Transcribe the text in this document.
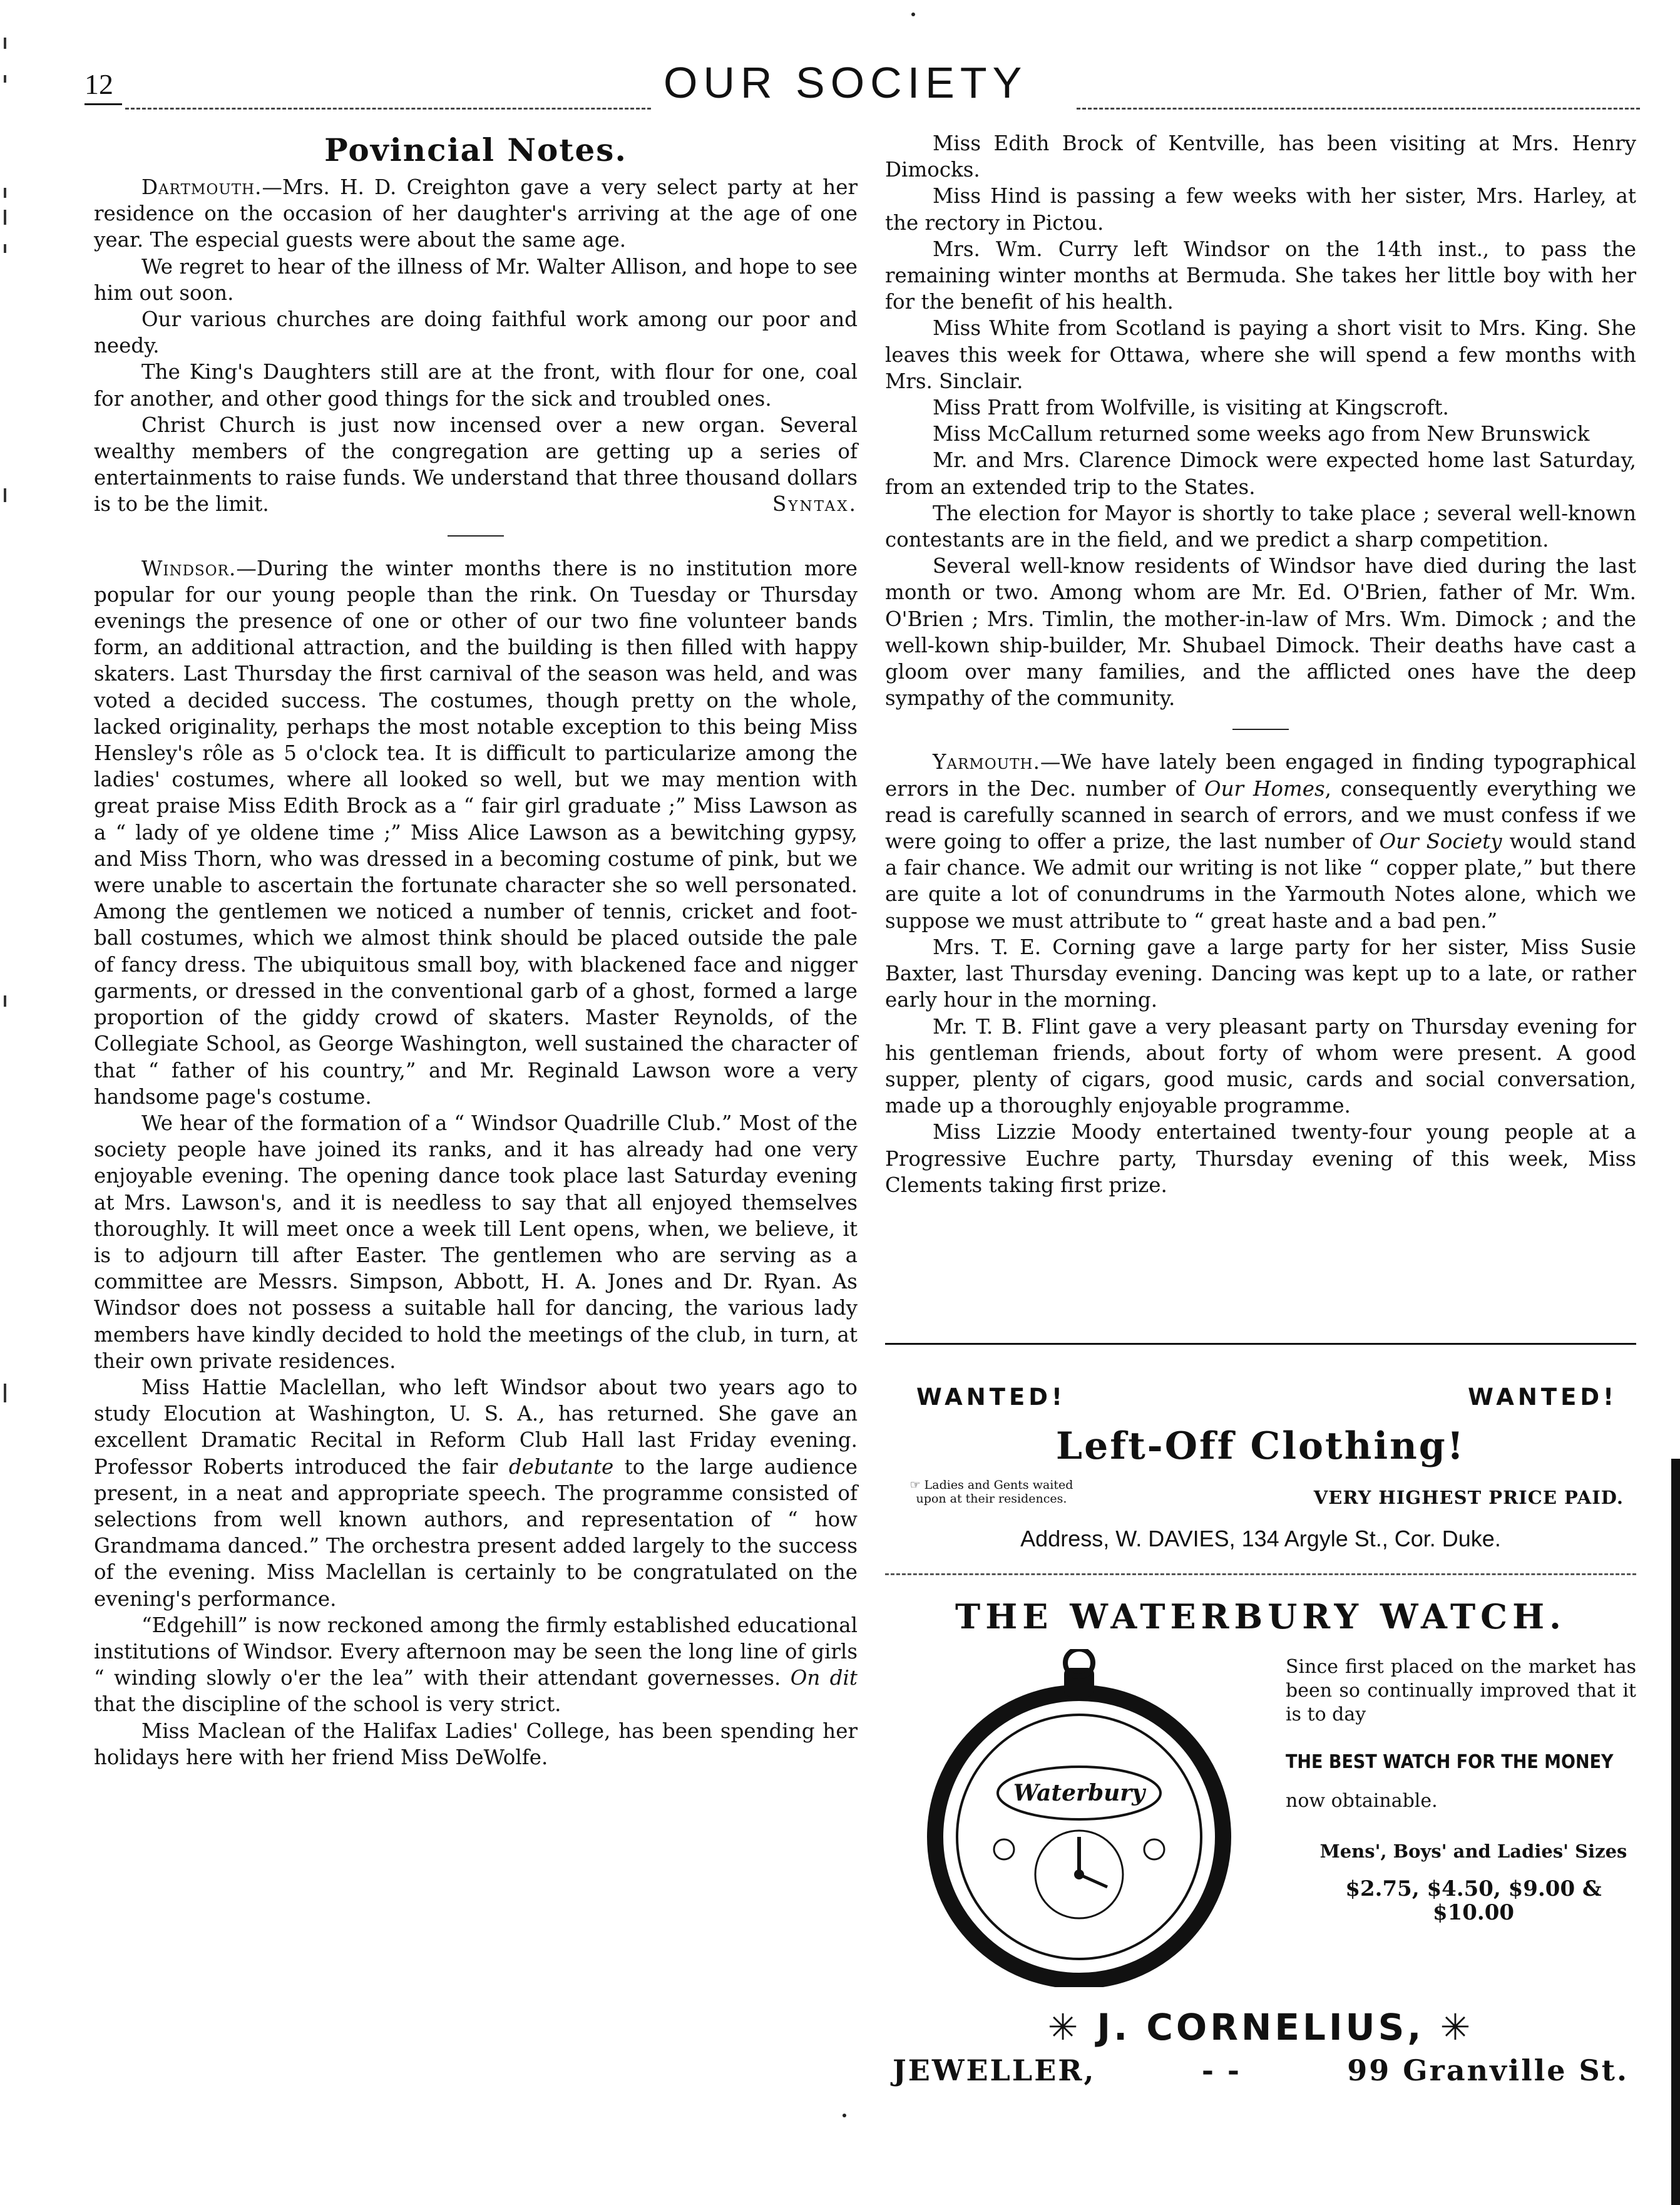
12	OUR SOCIETY
Povincial Notes.

Dartmouth.—Mrs. H. D. Creighton gave a very select party at her residence on the occasion of her daughter's arriving at the age of one year. The especial guests were about the same age.

We regret to hear of the illness of Mr. Walter Allison, and hope to see him out soon.

Our various churches are doing faithful work among our poor and needy.

The King's Daughters still are at the front, with flour for one, coal for another, and other good things for the sick and troubled ones.

Christ Church is just now incensed over a new organ. Several wealthy members of the congregation are getting up a series of entertainments to raise funds. We understand that three thousand dollars is to be the limit.	Syntax.

Windsor.—During the winter months there is no institution more popular for our young people than the rink. On Tuesday or Thursday evenings the presence of one or other of our two fine volunteer bands form, an additional attraction, and the building is then filled with happy skaters. Last Thursday the first carnival of the season was held, and was voted a decided success. The costumes, though pretty on the whole, lacked originality, perhaps the most notable exception to this being Miss Hensley's rôle as 5 o'clock tea. It is difficult to particularize among the ladies' costumes, where all looked so well, but we may mention with great praise Miss Edith Brock as a “ fair girl graduate ;” Miss Lawson as a “ lady of ye oldene time ;” Miss Alice Lawson as a bewitching gypsy, and Miss Thorn, who was dressed in a becoming costume of pink, but we were unable to ascertain the fortunate character she so well personated. Among the gentlemen we noticed a number of tennis, cricket and foot-ball costumes, which we almost think should be placed outside the pale of fancy dress. The ubiquitous small boy, with blackened face and nigger garments, or dressed in the conventional garb of a ghost, formed a large proportion of the giddy crowd of skaters. Master Reynolds, of the Collegiate School, as George Washington, well sustained the character of that “ father of his country,” and Mr. Reginald Lawson wore a very handsome page's costume.

We hear of the formation of a “ Windsor Quadrille Club.” Most of the society people have joined its ranks, and it has already had one very enjoyable evening. The opening dance took place last Saturday evening at Mrs. Lawson's, and it is needless to say that all enjoyed themselves thoroughly. It will meet once a week till Lent opens, when, we believe, it is to adjourn till after Easter. The gentlemen who are serving as a committee are Messrs. Simpson, Abbott, H. A. Jones and Dr. Ryan. As Windsor does not possess a suitable hall for dancing, the various lady members have kindly decided to hold the meetings of the club, in turn, at their own private residences.

Miss Hattie Maclellan, who left Windsor about two years ago to study Elocution at Washington, U. S. A., has returned. She gave an excellent Dramatic Recital in Reform Club Hall last Friday evening. Professor Roberts introduced the fair debutante to the large audience present, in a neat and appropriate speech. The programme consisted of selections from well known authors, and representation of “ how Grandmama danced.” The orchestra present added largely to the success of the evening. Miss Maclellan is certainly to be congratulated on the evening's performance.

“Edgehill” is now reckoned among the firmly established educational institutions of Windsor. Every afternoon may be seen the long line of girls “ winding slowly o'er the lea” with their attendant governesses. On dit that the discipline of the school is very strict.

Miss Maclean of the Halifax Ladies' College, has been spending her holidays here with her friend Miss DeWolfe.

Miss Edith Brock of Kentville, has been visiting at Mrs. Henry Dimocks.

Miss Hind is passing a few weeks with her sister, Mrs. Harley, at the rectory in Pictou.

Mrs. Wm. Curry left Windsor on the 14th inst., to pass the remaining winter months at Bermuda. She takes her little boy with her for the benefit of his health.

Miss White from Scotland is paying a short visit to Mrs. King. She leaves this week for Ottawa, where she will spend a few months with Mrs. Sinclair.

Miss Pratt from Wolfville, is visiting at Kingscroft.

Miss McCallum returned some weeks ago from New Brunswick

Mr. and Mrs. Clarence Dimock were expected home last Saturday, from an extended trip to the States.

The election for Mayor is shortly to take place ; several well-known contestants are in the field, and we predict a sharp competition.

Several well-know residents of Windsor have died during the last month or two. Among whom are Mr. Ed. O'Brien, father of Mr. Wm. O'Brien ; Mrs. Timlin, the mother-in-law of Mrs. Wm. Dimock ; and the well-kown ship-builder, Mr. Shubael Dimock. Their deaths have cast a gloom over many families, and the afflicted ones have the deep sympathy of the community.

Yarmouth.—We have lately been engaged in finding typographical errors in the Dec. number of Our Homes, consequently everything we read is carefully scanned in search of errors, and we must confess if we were going to offer a prize, the last number of Our Society would stand a fair chance. We admit our writing is not like “ copper plate,” but there are quite a lot of conundrums in the Yarmouth Notes alone, which we suppose we must attribute to “ great haste and a bad pen.”

Mrs. T. E. Corning gave a large party for her sister, Miss Susie Baxter, last Thursday evening. Dancing was kept up to a late, or rather early hour in the morning.

Mr. T. B. Flint gave a very pleasant party on Thursday evening for his gentleman friends, about forty of whom were present. A good supper, plenty of cigars, good music, cards and social conversation, made up a thoroughly enjoyable programme.

Miss Lizzie Moody entertained twenty-four young people at a Progressive Euchre party, Thursday evening of this week, Miss Clements taking first prize.

WANTED!	WANTED!
Left-Off Clothing!
☞ Ladies and Gents waited upon at their residences.	VERY HIGHEST PRICE PAID.
Address, W. DAVIES, 134 Argyle St., Cor. Duke.
THE WATERBURY WATCH.
Waterbury
Since first placed on the market has been so continually improved that it is to day
THE BEST WATCH FOR THE MONEY
now obtainable.
Mens', Boys' and Ladies' Sizes
$2.75, $4.50, $9.00 & $10.00
✳ J. CORNELIUS, ✳
JEWELLER,	- -	99 Granville St.
